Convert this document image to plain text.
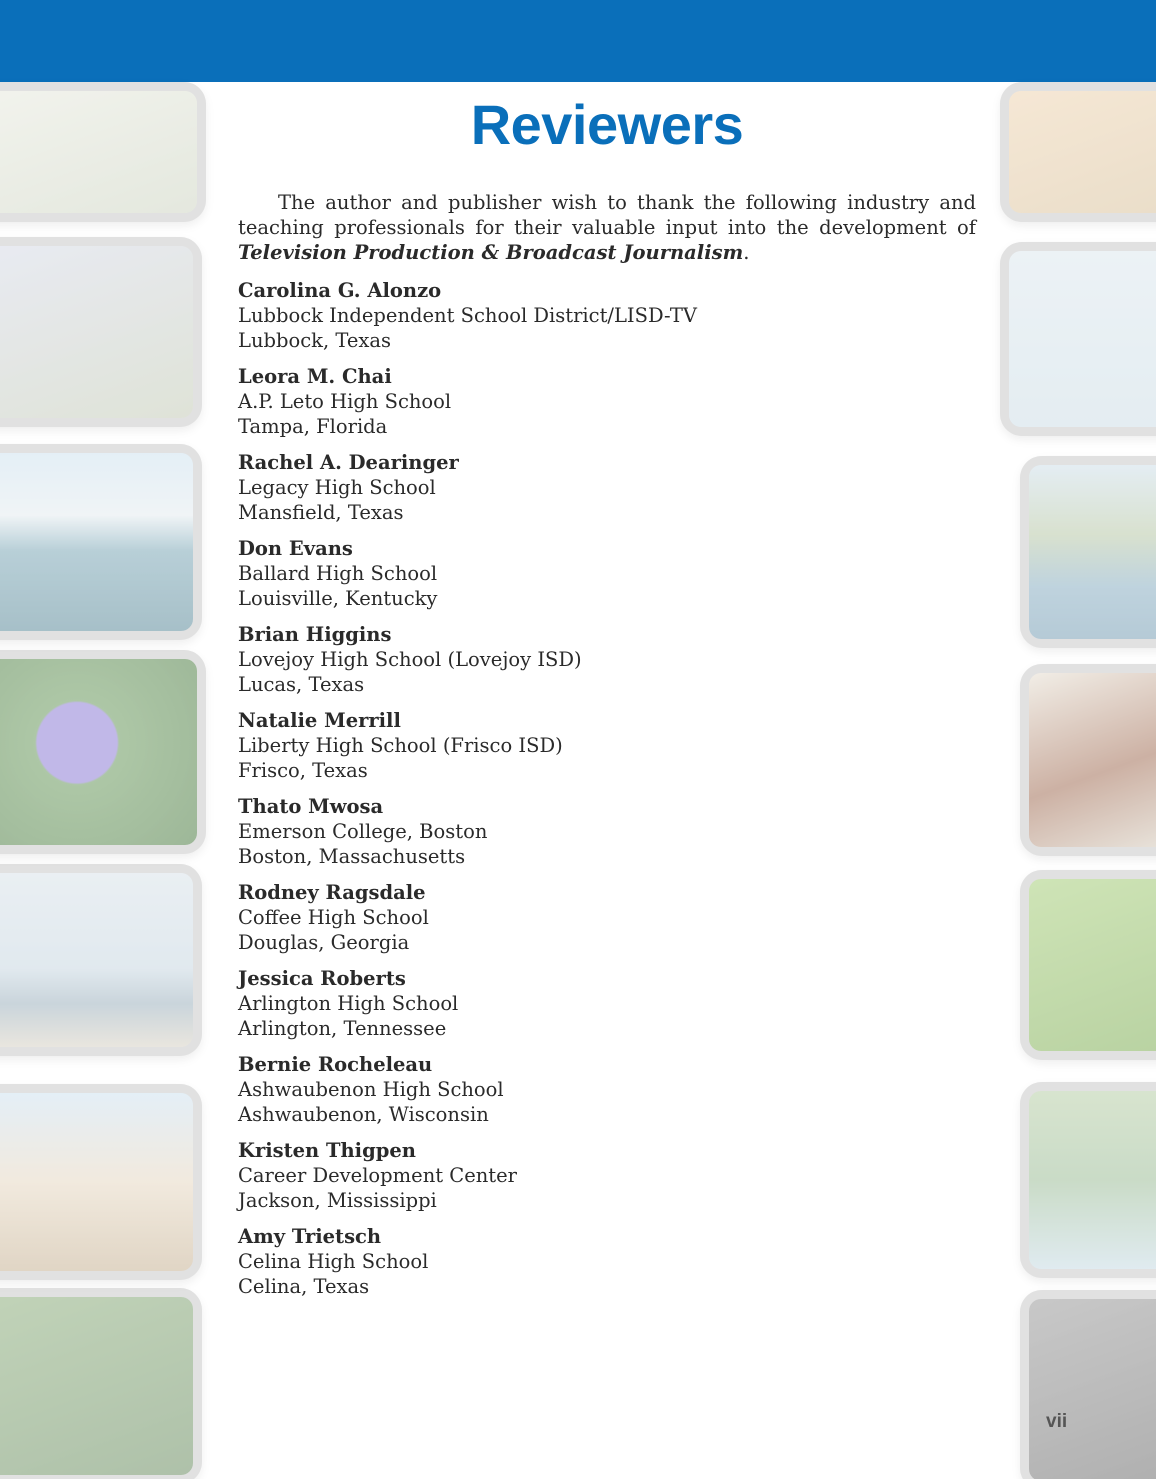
Reviewers

The author and publisher wish to thank the following industry and teaching professionals for their valuable input into the development of Television Production & Broadcast Journalism.

Carolina G. Alonzo
Lubbock Independent School District/LISD-TV
Lubbock, Texas
Leora M. Chai
A.P. Leto High School
Tampa, Florida
Rachel A. Dearinger
Legacy High School
Mansfield, Texas
Don Evans
Ballard High School
Louisville, Kentucky
Brian Higgins
Lovejoy High School (Lovejoy ISD)
Lucas, Texas
Natalie Merrill
Liberty High School (Frisco ISD)
Frisco, Texas
Thato Mwosa
Emerson College, Boston
Boston, Massachusetts
Rodney Ragsdale
Coffee High School
Douglas, Georgia
Jessica Roberts
Arlington High School
Arlington, Tennessee
Bernie Rocheleau
Ashwaubenon High School
Ashwaubenon, Wisconsin
Kristen Thigpen
Career Development Center
Jackson, Mississippi
Amy Trietsch
Celina High School
Celina, Texas
vii
